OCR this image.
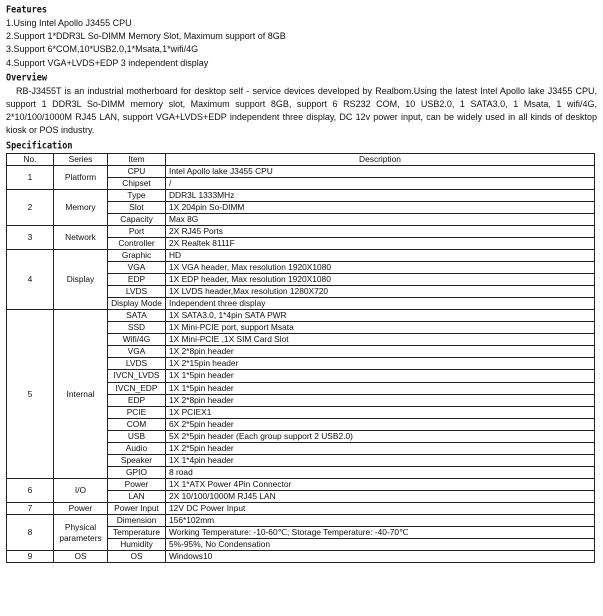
Features
1.Using Intel Apollo J3455 CPU
2.Support 1*DDR3L So-DIMM Memory Slot, Maximum support of 8GB
3.Support 6*COM,10*USB2.0,1*Msata,1*wifi/4G
4.Support VGA+LVDS+EDP 3 independent display
Overview

RB-J3455T is an industrial motherboard for desktop self - service devices developed by Realbom.Using the latest Intel Apollo lake J3455 CPU, support 1 DDR3L So-DIMM memory slot, Maximum support 8GB, support 6 RS232 COM, 10 USB2.0, 1 SATA3.0, 1 Msata, 1 wifi/4G, 2*10/100/1000M RJ45 LAN, support VGA+LVDS+EDP independent three display, DC 12v power input, can be widely used in all kinds of desktop kiosk or POS industry.

Specification
No.	Series	Item	Description
1	Platform	CPU	Intel Apollo lake J3455 CPU
		Chipset	/
2	Memory	Type	DDR3L 1333MHz
		Slot	1X 204pin So-DIMM
		Capacity	Max 8G
3	Network	Port	2X RJ45 Ports
		Controller	2X Realtek 8111F
4	Display	Graphic	HD
		VGA	1X VGA header, Max resolution 1920X1080
		EDP	1X EDP header, Max resolution 1920X1080
		LVDS	1X LVDS header,Max resolution 1280X720
		Display Mode	Independent three display
5	Internal	SATA	1X SATA3.0, 1*4pin SATA PWR
		SSD	1X Mini-PCIE port, support Msata
		Wifi/4G	1X Mini-PCIE ,1X SIM Card Slot
		VGA	1X 2*8pin header
		LVDS	1X 2*15pin header
		IVCN_LVDS	1X 1*5pin header
		IVCN_EDP	1X 1*5pin header
		EDP	1X 2*8pin header
		PCIE	1X PCIEX1
		COM	6X 2*5pin header
		USB	5X 2*5pin header (Each group support 2 USB2.0)
		Audio	1X 2*5pin header
		Speaker	1X 1*4pin header
		GPIO	8 road
6	I/O	Power	1X 1*ATX Power 4Pin Connector
		LAN	2X 10/100/1000M RJ45 LAN
7	Power	Power Input	12V DC Power Input
8	Physical parameters	Dimension	156*102mm
		Temperature	Working Temperature: -10-60℃; Storage Temperature: -40-70℃
		Humidity	5%-95%, No Condensation
9	OS	OS	Windows10
